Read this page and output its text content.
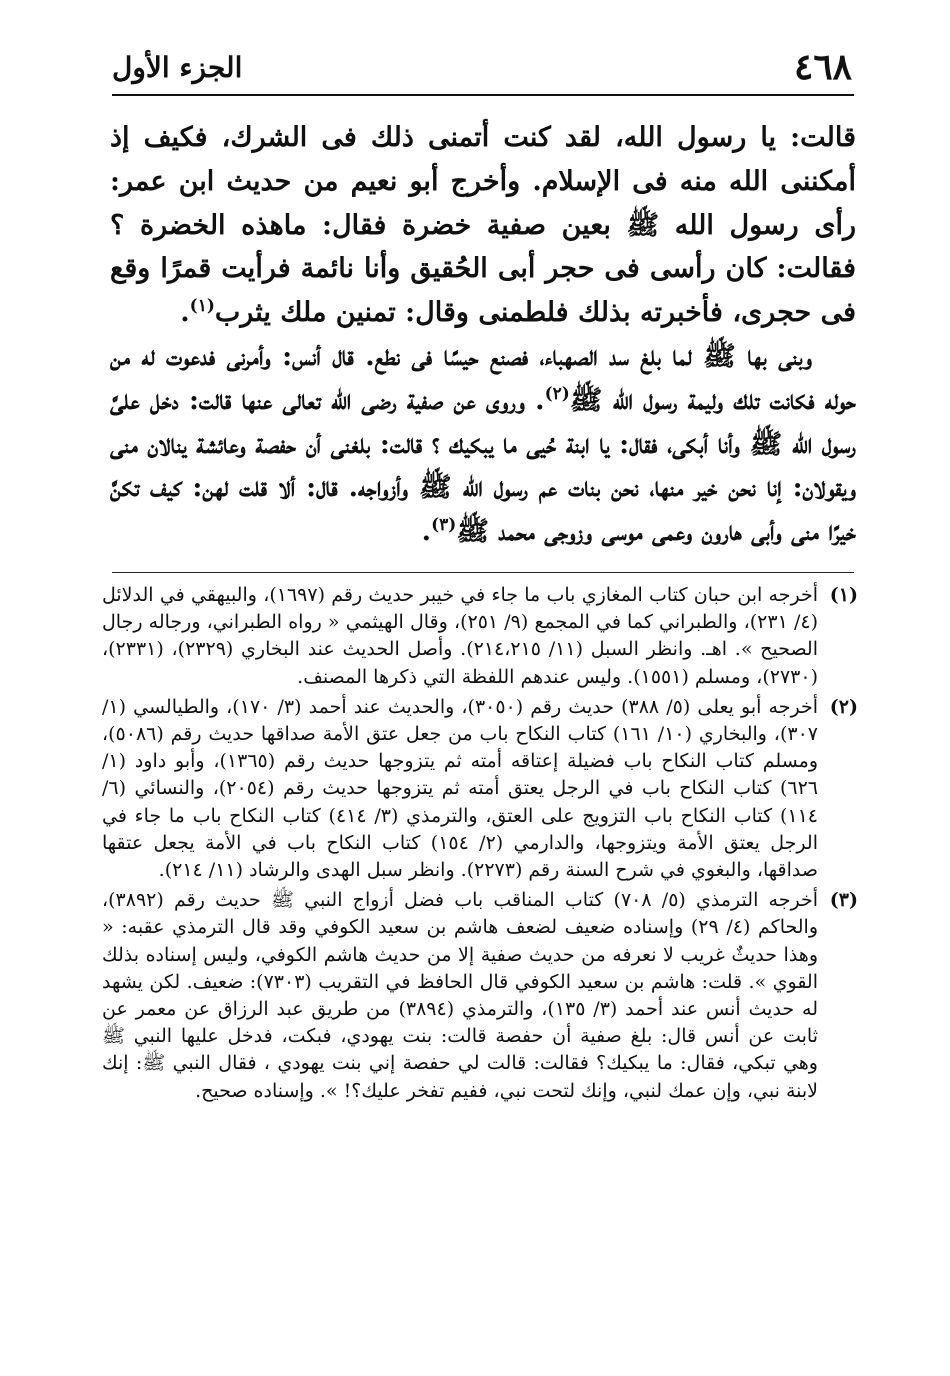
٤٦٨
الجزء الأول

قالت: يا رسول الله، لقد كنت أتمنى ذلك فى الشرك، فكيف إذ أمكننى الله منه فى الإسلام. وأخرج أبو نعيم من حديث ابن عمر: رأى رسول الله ﷺ بعين صفية خضرة فقال: ماهذه الخضرة ؟ فقالت: كان رأسى فى حجر أبى الحُقيق وأنا نائمة فرأيت قمرًا وقع فى حجرى، فأخبرته بذلك فلطمنى وقال: تمنين ملك يثرب$^{(١)}$.

وبنى بها ﷺ لما بلغ سد الصهباء، فصنع حيسًا فى نطع. قال أنس: وأمرنى فدعوت له من حوله فكانت تلك وليمة رسول الله ﷺ$^{(٢)}$. وروى عن صفية رضى الله تعالى عنها قالت: دخل علىَّ رسول الله ﷺ وأنا أبكى، فقال: يا ابنة حُيى ما يبكيك ؟ قالت: بلغنى أن حفصة وعائشة ينالان منى ويقولان: إنا نحن خير منها، نحن بنات عم رسول الله ﷺ وأزواجه. قال: ألا قلت لهن: كيف تكنَّ خيرًا منى وأبى هارون وعمى موسى وزوجى محمد ﷺ$^{(٣)}$.

(١)
أخرجه ابن حبان كتاب المغازي باب ما جاء في خيبر حديث رقم (١٦٩٧)، والبيهقي في الدلائل (٤/ ٢٣١)، والطبراني كما في المجمع (٩/ ٢٥١)، وقال الهيثمي « رواه الطبراني، ورجاله رجال الصحيح ». اهـ. وانظر السبل (١١/ ٢١٤،٢١٥). وأصل الحديث عند البخاري (٢٣٢٩)، (٢٣٣١)، (٢٧٣٠)، ومسلم (١٥٥١). وليس عندهم اللفظة التي ذكرها المصنف.
(٢)
أخرجه أبو يعلى (٥/ ٣٨٨) حديث رقم (٣٠٥٠)، والحديث عند أحمد (٣/ ١٧٠)، والطيالسي (١/ ٣٠٧)، والبخاري (١٠/ ١٦١) كتاب النكاح باب من جعل عتق الأمة صداقها حديث رقم (٥٠٨٦)، ومسلم كتاب النكاح باب فضيلة إعتاقه أمته ثم يتزوجها حديث رقم (١٣٦٥)، وأبو داود (١/ ٦٢٦) كتاب النكاح باب في الرجل يعتق أمته ثم يتزوجها حديث رقم (٢٠٥٤)، والنسائي (٦/ ١١٤) كتاب النكاح باب التزويج على العتق، والترمذي (٣/ ٤١٤) كتاب النكاح باب ما جاء في الرجل يعتق الأمة ويتزوجها، والدارمي (٢/ ١٥٤) كتاب النكاح باب في الأمة يجعل عتقها صداقها، والبغوي في شرح السنة رقم (٢٢٧٣). وانظر سبل الهدى والرشاد (١١/ ٢١٤).
(٣)
أخرجه الترمذي (٥/ ٧٠٨) كتاب المناقب باب فضل أزواج النبي ﷺ حديث رقم (٣٨٩٢)، والحاكم (٤/ ٢٩) وإسناده ضعيف لضعف هاشم بن سعيد الكوفي وقد قال الترمذي عقبه: « وهذا حديثٌ غريب لا نعرفه من حديث صفية إلا من حديث هاشم الكوفي، وليس إسناده بذلك القوي ». قلت: هاشم بن سعيد الكوفي قال الحافظ في التقريب (٧٣٠٣): ضعيف. لكن يشهد له حديث أنس عند أحمد (٣/ ١٣٥)، والترمذي (٣٨٩٤) من طريق عبد الرزاق عن معمر عن ثابت عن أنس قال: بلغ صفية أن حفصة قالت: بنت يهودي، فبكت، فدخل عليها النبي ﷺ وهي تبكي، فقال: ما يبكيك؟ فقالت: قالت لي حفصة إني بنت يهودي ، فقال النبي ﷺ: إنك لابنة نبي، وإن عمك لنبي، وإنك لتحت نبي، ففيم تفخر عليك؟! ». وإسناده صحيح.
